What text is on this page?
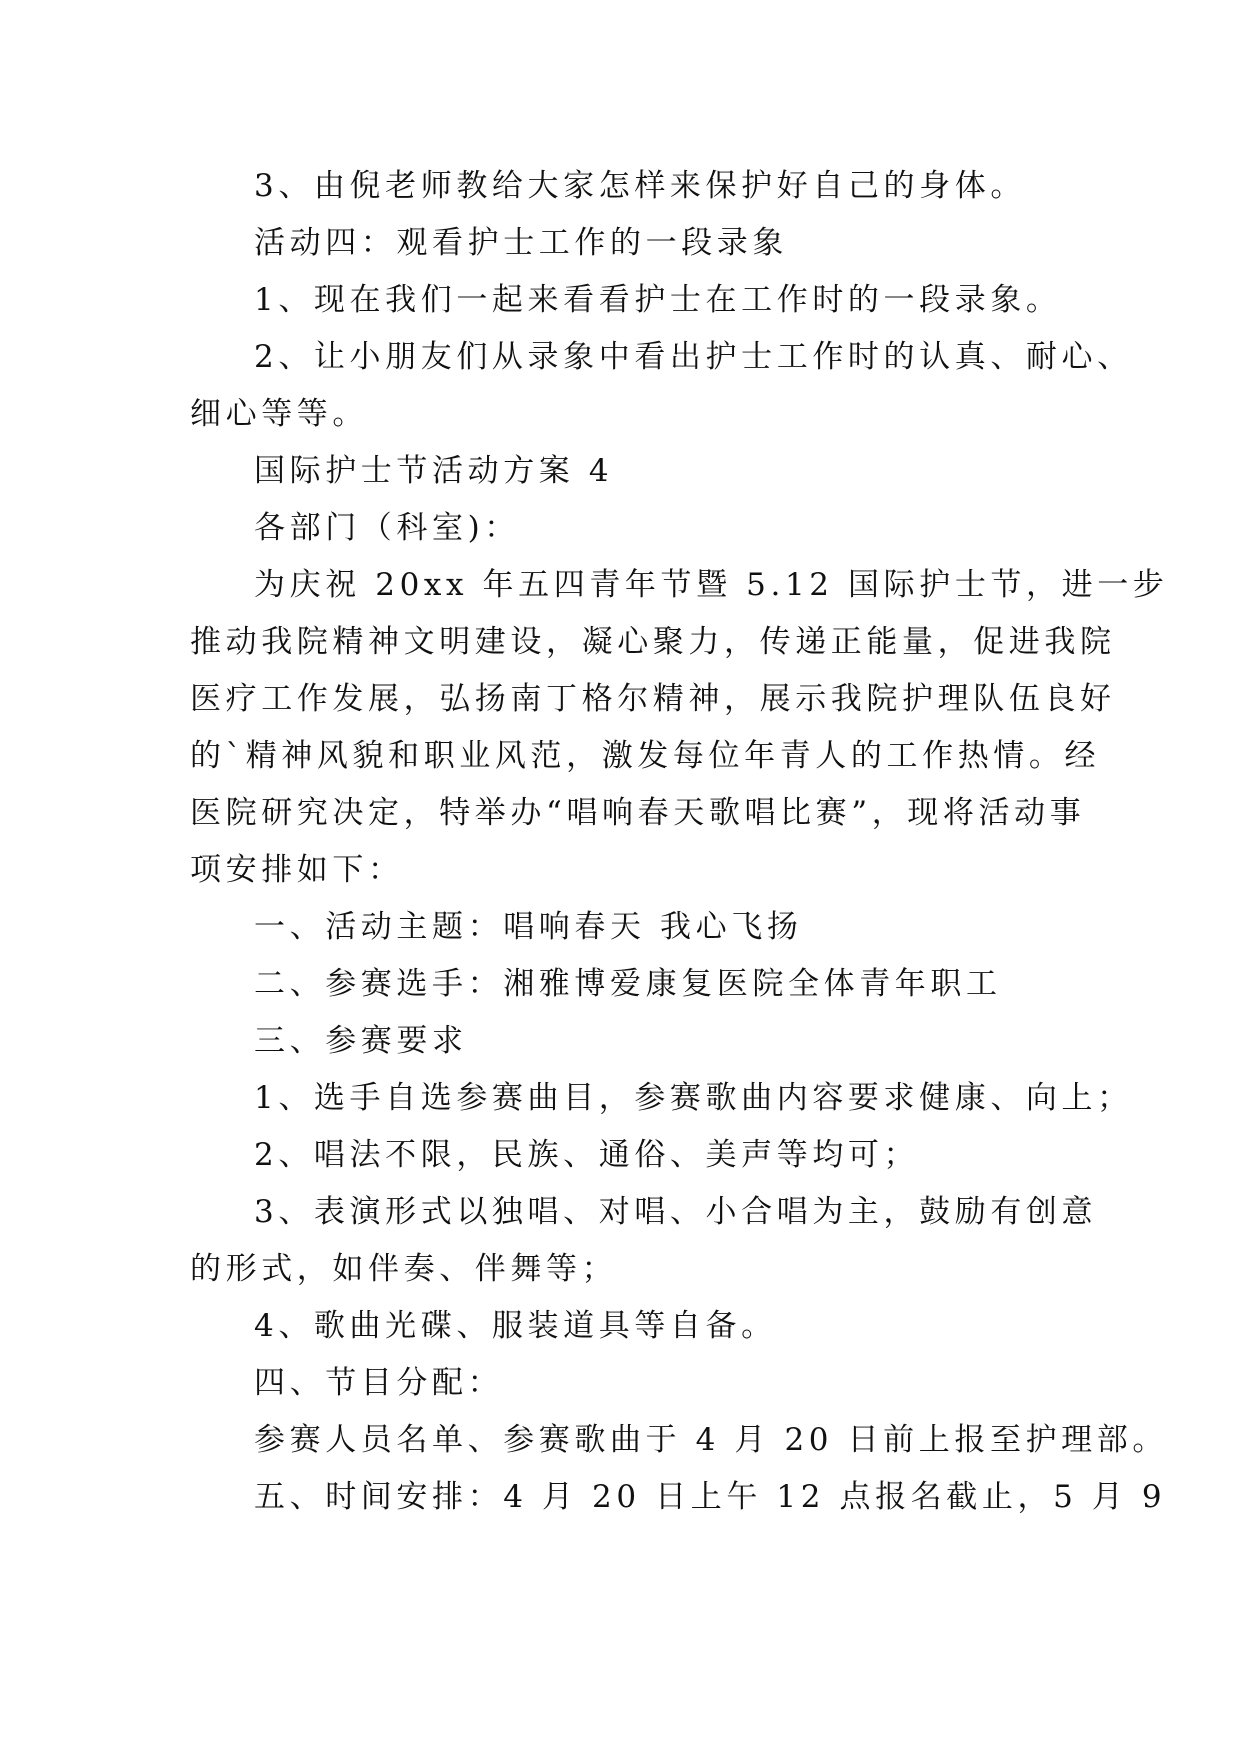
3、由倪老师教给大家怎样来保护好自己的身体。

活动四：观看护士工作的一段录象

1、现在我们一起来看看护士在工作时的一段录象。

2、让小朋友们从录象中看出护士工作时的认真、耐心、

细心等等。

国际护士节活动方案 4

各部门（科室)：

为庆祝 20xx 年五四青年节暨 5.12 国际护士节，进一步

推动我院精神文明建设，凝心聚力，传递正能量，促进我院

医疗工作发展，弘扬南丁格尔精神，展示我院护理队伍良好

的`精神风貌和职业风范，激发每位年青人的工作热情。经

医院研究决定，特举办“唱响春天歌唱比赛”，现将活动事

项安排如下：

一、活动主题：唱响春天 我心飞扬

二、参赛选手：湘雅博爱康复医院全体青年职工

三、参赛要求

1、选手自选参赛曲目，参赛歌曲内容要求健康、向上；

2、唱法不限，民族、通俗、美声等均可；

3、表演形式以独唱、对唱、小合唱为主，鼓励有创意

的形式，如伴奏、伴舞等；

4、歌曲光碟、服装道具等自备。

四、节目分配：

参赛人员名单、参赛歌曲于 4 月 20 日前上报至护理部。

五、时间安排：4 月 20 日上午 12 点报名截止，5 月 9
